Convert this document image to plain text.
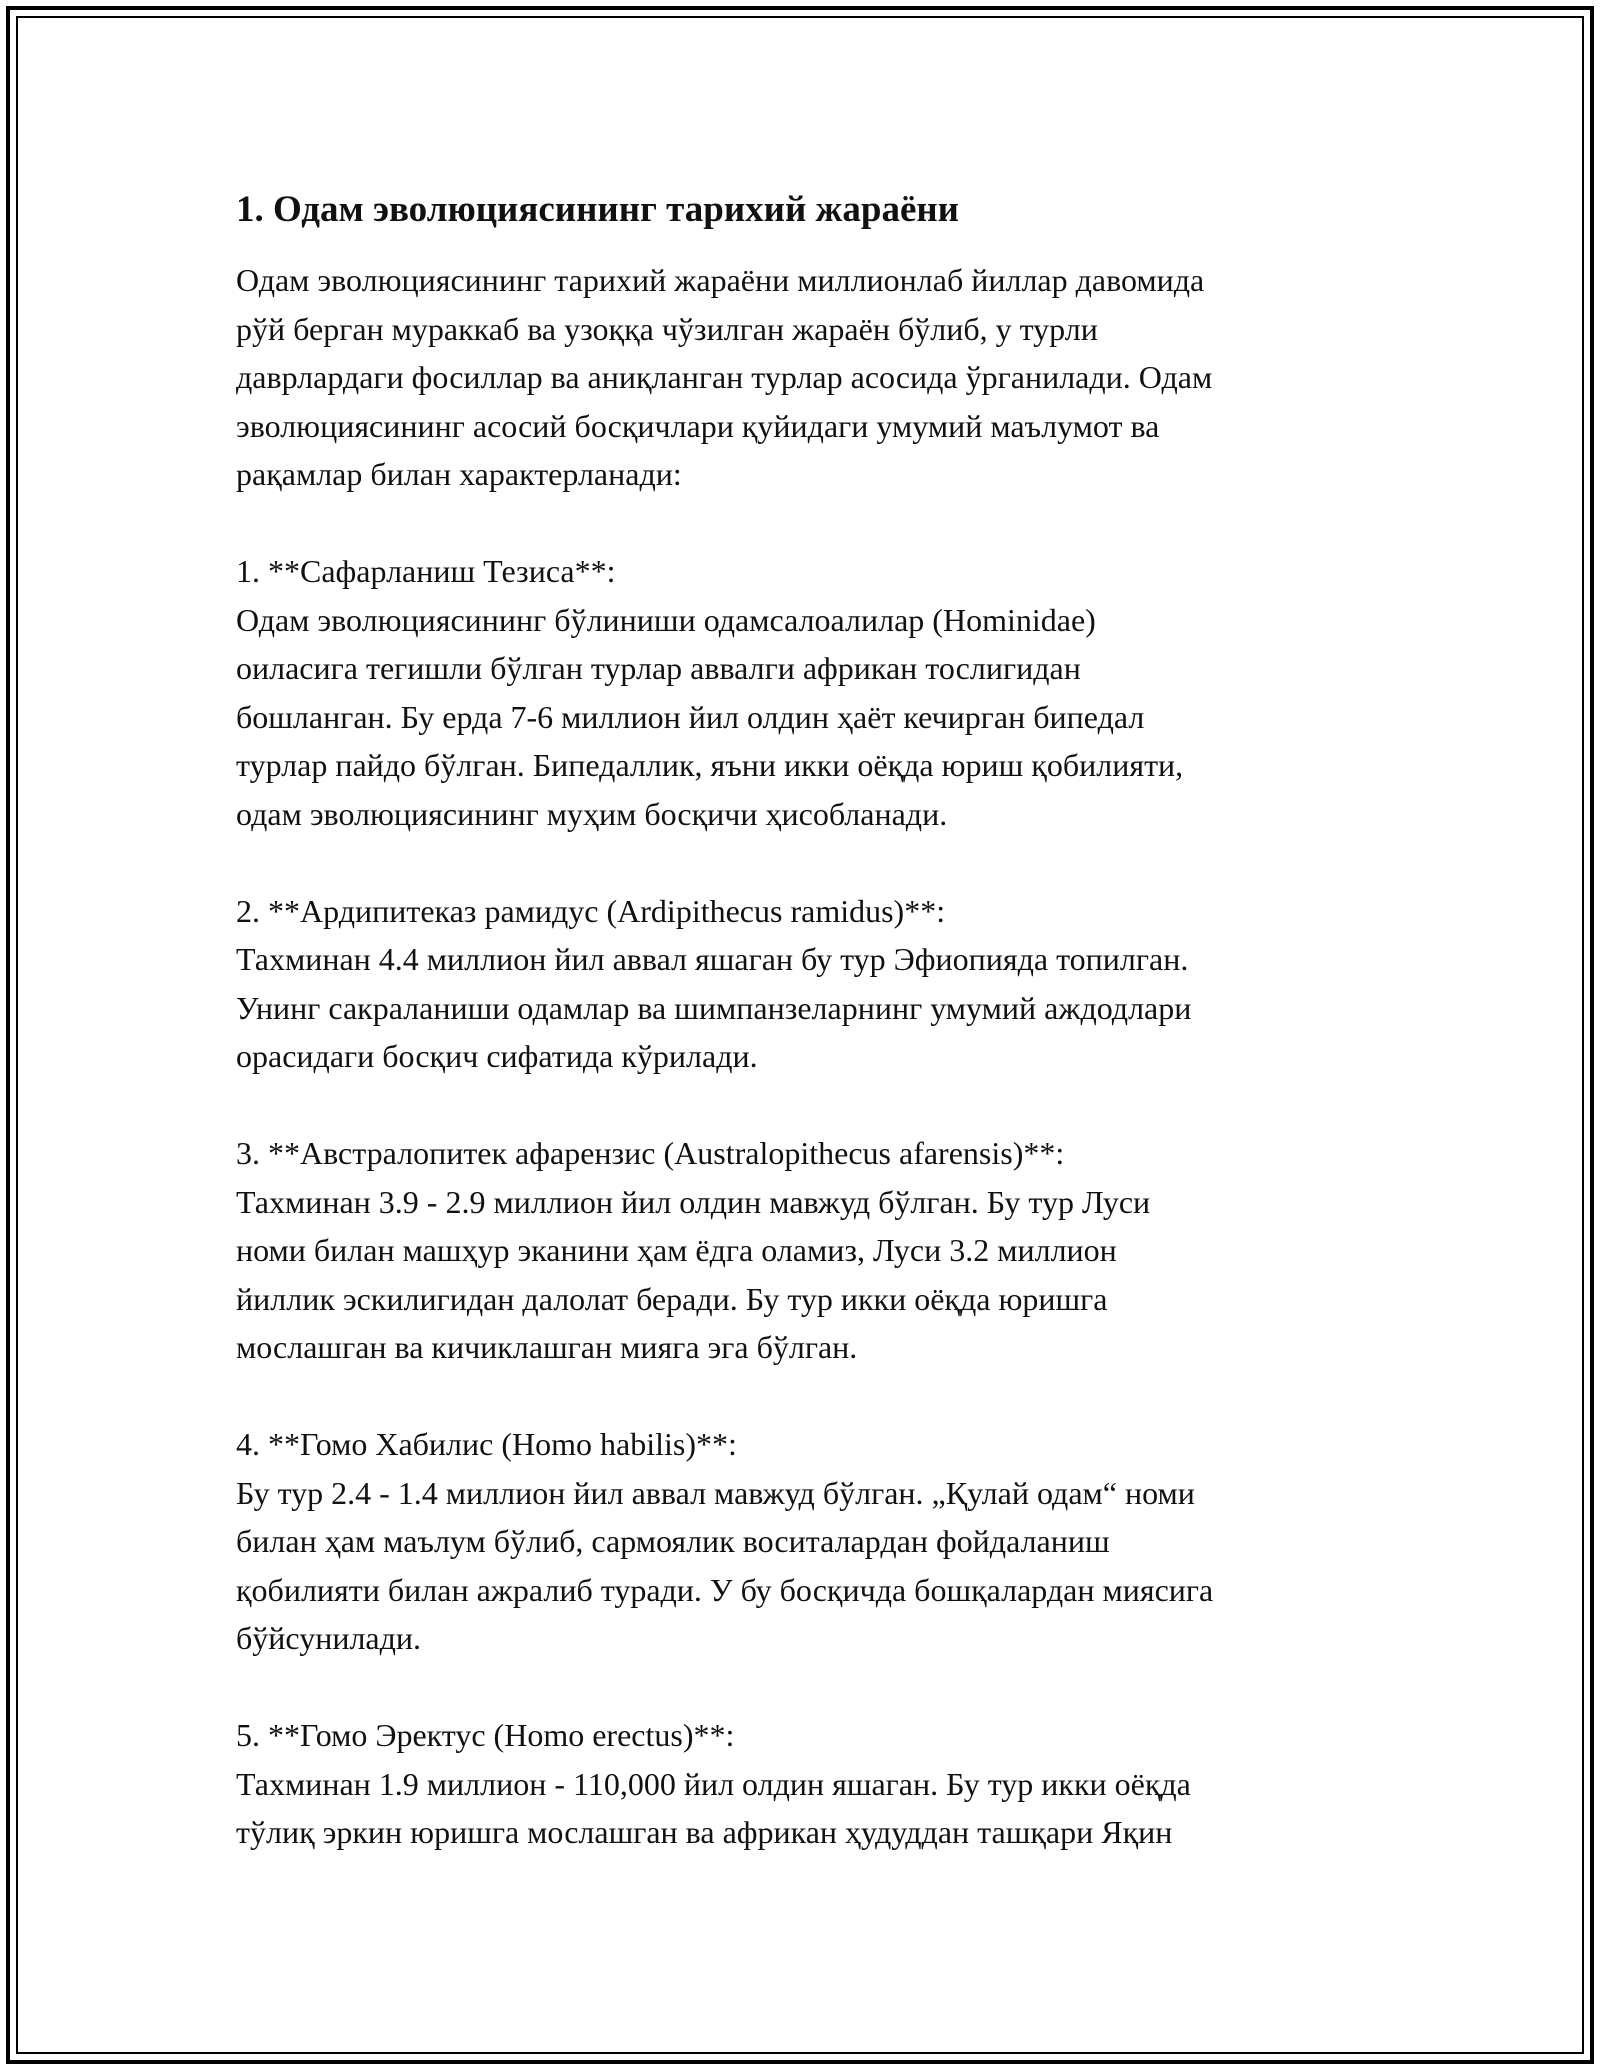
1. Одам эволюциясининг тарихий жараёни

Одам эволюциясининг тарихий жараёни миллионлаб йиллар давомида
рўй берган мураккаб ва узоққа чўзилган жараён бўлиб, у турли
даврлардаги фосиллар ва аниқланган турлар асосида ўрганилади. Одам
эволюциясининг асосий босқичлари қуйидаги умумий маълумот ва
рақамлар билан характерланади:

1. **Сафарланиш Тезиса**:
Одам эволюциясининг бўлиниши одамсалоалилар (Hominidae)
оиласига тегишли бўлган турлар аввалги африкан тослигидан
бошланган. Бу ерда 7-6 миллион йил олдин ҳаёт кечирган бипедал
турлар пайдо бўлган. Бипедаллик, яъни икки оёқда юриш қобилияти,
одам эволюциясининг муҳим босқичи ҳисобланади.
2. **Ардипитеказ рамидус (Ardipithecus ramidus)**:
Тахминан 4.4 миллион йил аввал яшаган бу тур Эфиопияда топилган.
Унинг сакраланиши одамлар ва шимпанзеларнинг умумий аждодлари
орасидаги босқич сифатида кўрилади.
3. **Австралопитек афарензис (Australopithecus afarensis)**:
Тахминан 3.9 - 2.9 миллион йил олдин мавжуд бўлган. Бу тур Луси
номи билан машҳур эканини ҳам ёдга оламиз, Луси 3.2 миллион
йиллик эскилигидан далолат беради. Бу тур икки оёқда юришга
мослашган ва кичиклашган мияга эга бўлган.
4. **Гомо Хабилис (Homo habilis)**:
Бу тур 2.4 - 1.4 миллион йил аввал мавжуд бўлган. „Қулай одам“ номи
билан ҳам маълум бўлиб, сармоялик воситалардан фойдаланиш
қобилияти билан ажралиб туради. У бу босқичда бошқалардан миясига
бўйсунилади.
5. **Гомо Эректус (Homo erectus)**:
Тахминан 1.9 миллион - 110,000 йил олдин яшаган. Бу тур икки оёқда
тўлиқ эркин юришга мослашган ва африкан ҳудуддан ташқари Яқин
